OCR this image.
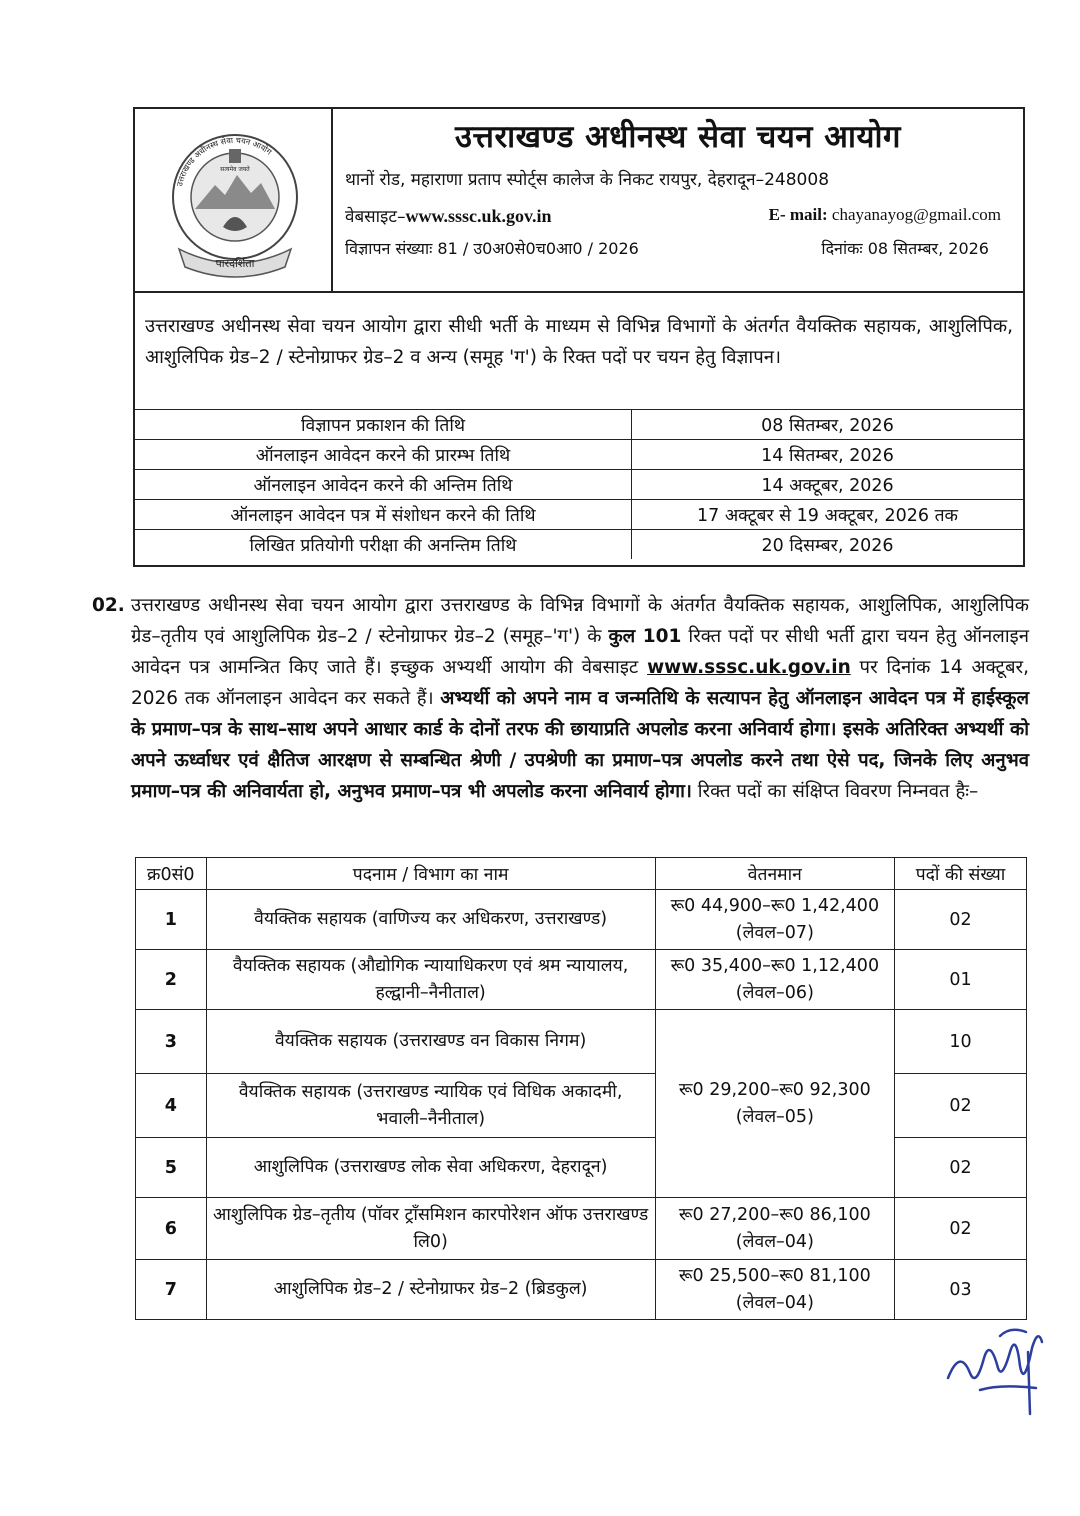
पारदर्शिता
सत्यमेव जयते
उत्तराखण्ड अधीनस्थ सेवा चयन आयोग	उत्तराखण्ड अधीनस्थ सेवा चयन आयोग
थानों रोड, महाराणा प्रताप स्पोर्ट्स कालेज के निकट रायपुर, देहरादून–248008
वेबसाइट–www.sssc.uk.gov.in	E- mail: chayanayog@gmail.com
विज्ञापन संख्याः 81 / उ0अ0से0च0आ0 / 2026	दिनांकः 08 सितम्बर, 2026
उत्तराखण्ड अधीनस्थ सेवा चयन आयोग द्वारा सीधी भर्ती के माध्यम से विभिन्न विभागों के अंतर्गत वैयक्तिक सहायक, आशुलिपिक, आशुलिपिक ग्रेड–2 / स्टेनोग्राफर ग्रेड–2 व अन्य (समूह 'ग') के रिक्त पदों पर चयन हेतु विज्ञापन।
विज्ञापन प्रकाशन की तिथि	08 सितम्बर, 2026
ऑनलाइन आवेदन करने की प्रारम्भ तिथि	14 सितम्बर, 2026
ऑनलाइन आवेदन करने की अन्तिम तिथि	14 अक्टूबर, 2026
ऑनलाइन आवेदन पत्र में संशोधन करने की तिथि	17 अक्टूबर से 19 अक्टूबर, 2026 तक
लिखित प्रतियोगी परीक्षा की अनन्तिम तिथि	20 दिसम्बर, 2026
02. उत्तराखण्ड अधीनस्थ सेवा चयन आयोग द्वारा उत्तराखण्ड के विभिन्न विभागों के अंतर्गत वैयक्तिक सहायक, आशुलिपिक, आशुलिपिक ग्रेड–तृतीय एवं आशुलिपिक ग्रेड–2 / स्टेनोग्राफर ग्रेड–2 (समूह–'ग') के कुल 101 रिक्त पदों पर सीधी भर्ती द्वारा चयन हेतु ऑनलाइन आवेदन पत्र आमन्त्रित किए जाते हैं। इच्छुक अभ्यर्थी आयोग की वेबसाइट www.sssc.uk.gov.in पर दिनांक 14 अक्टूबर, 2026 तक ऑनलाइन आवेदन कर सकते हैं। अभ्यर्थी को अपने नाम व जन्मतिथि के सत्यापन हेतु ऑनलाइन आवेदन पत्र में हाईस्कूल के प्रमाण–पत्र के साथ–साथ अपने आधार कार्ड के दोनों तरफ की छायाप्रति अपलोड करना अनिवार्य होगा। इसके अतिरिक्त अभ्यर्थी को अपने ऊर्ध्वाधर एवं क्षैतिज आरक्षण से सम्बन्धित श्रेणी / उपश्रेणी का प्रमाण–पत्र अपलोड करने तथा ऐसे पद, जिनके लिए अनुभव प्रमाण–पत्र की अनिवार्यता हो, अनुभव प्रमाण–पत्र भी अपलोड करना अनिवार्य होगा। रिक्त पदों का संक्षिप्त विवरण निम्नवत हैः–
क्र0सं0	पदनाम / विभाग का नाम	वेतनमान	पदों की संख्या
1	वैयक्तिक सहायक (वाणिज्य कर अधिकरण, उत्तराखण्ड)	रू0 44,900–रू0 1,42,400 (लेवल–07)	02
2	वैयक्तिक सहायक (औद्योगिक न्यायाधिकरण एवं श्रम न्यायालय, हल्द्वानी–नैनीताल)	रू0 35,400–रू0 1,12,400 (लेवल–06)	01
3	वैयक्तिक सहायक (उत्तराखण्ड वन विकास निगम)	रू0 29,200–रू0 92,300 (लेवल–05)	10
4	वैयक्तिक सहायक (उत्तराखण्ड न्यायिक एवं विधिक अकादमी, भवाली–नैनीताल)		02
5	आशुलिपिक (उत्तराखण्ड लोक सेवा अधिकरण, देहरादून)		02
6	आशुलिपिक ग्रेड–तृतीय (पॉवर ट्रॉंसमिशन कारपोरेशन ऑफ उत्तराखण्ड लि0)	रू0 27,200–रू0 86,100 (लेवल–04)	02
7	आशुलिपिक ग्रेड–2 / स्टेनोग्राफर ग्रेड–2 (ब्रिडकुल)	रू0 25,500–रू0 81,100 (लेवल–04)	03
